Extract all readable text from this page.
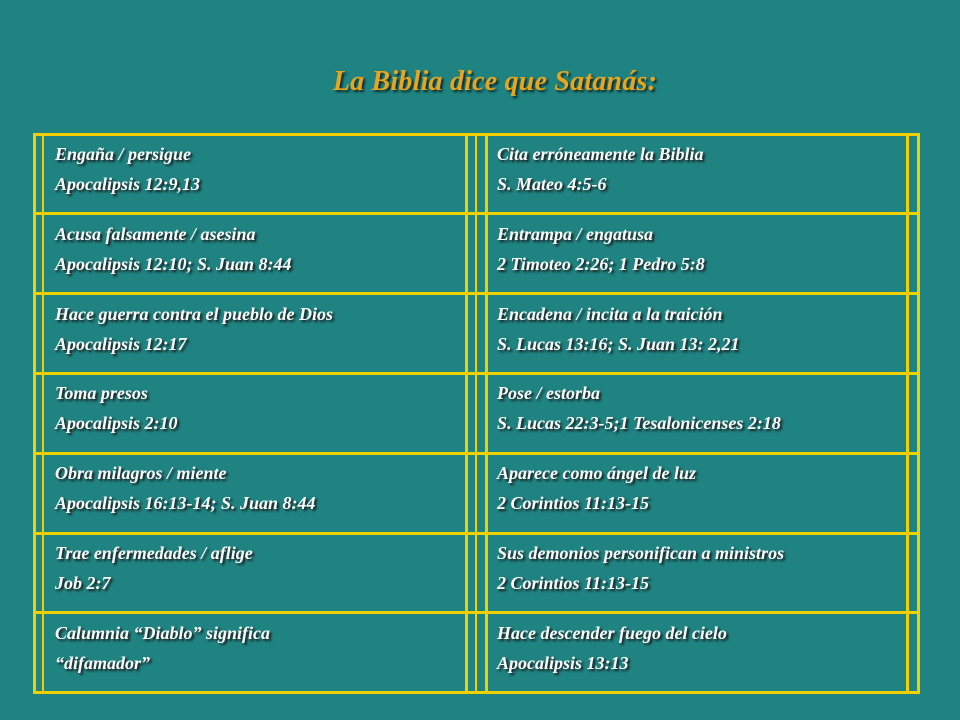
La Biblia dice que Satanás:
Engaña / persigue
Apocalipsis 12:9,13
Acusa falsamente / asesina
Apocalipsis 12:10; S. Juan 8:44
Hace guerra contra el pueblo de Dios
Apocalipsis 12:17
Toma presos
Apocalipsis 2:10
Obra milagros / miente
Apocalipsis 16:13-14; S. Juan 8:44
Trae enfermedades / aflige
Job 2:7
Calumnia “Diablo” significa
“difamador”
Cita erróneamente la Biblia
S. Mateo 4:5-6
Entrampa / engatusa
2 Timoteo 2:26; 1 Pedro 5:8
Encadena / incita a la traición
S. Lucas 13:16; S. Juan 13: 2,21
Pose / estorba
S. Lucas 22:3-5;1 Tesalonicenses 2:18
Aparece como ángel de luz
2 Corintios 11:13-15
Sus demonios personifican a ministros
2 Corintios 11:13-15
Hace descender fuego del cielo
Apocalipsis 13:13
